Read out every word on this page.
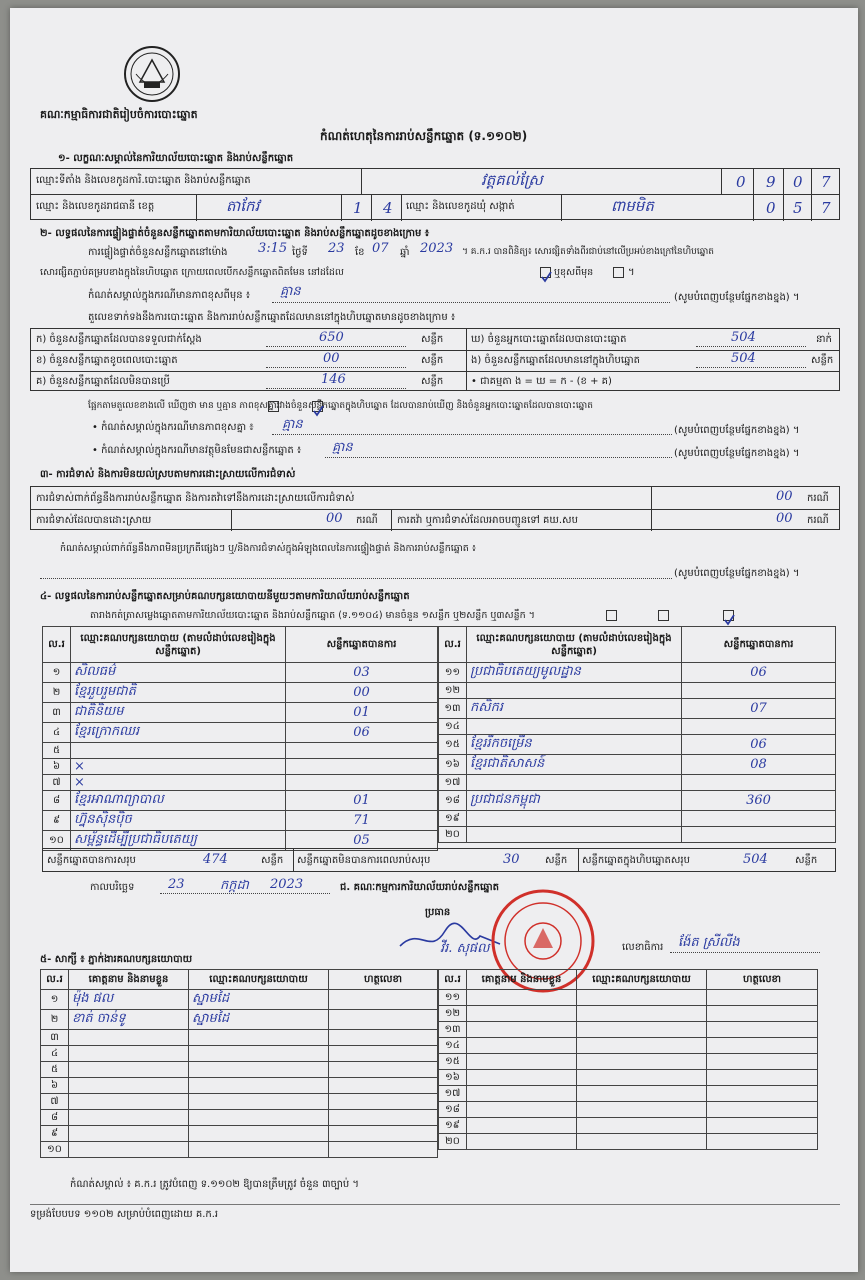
គណៈកម្មាធិការជាតិរៀបចំការបោះឆ្នោត
កំណត់ហេតុនៃការរាប់សន្លឹកឆ្នោត (ទ.១១០២)
១- លក្ខណៈសម្គាល់នៃការិយាល័យបោះឆ្នោត និងរាប់សន្លឹកឆ្នោត
ឈ្មោះទីតាំង និងលេខកូដការិ.បោះឆ្នោត និងរាប់សន្លឹកឆ្នោត	វត្តគល់ស្រែ	0 9 0 7
ឈ្មោះ និងលេខកូដរាជធានី ខេត្ត	តាកែវ	1 4 ឈ្មោះ និងលេខកូដឃុំ សង្កាត់	ពាមមិត	0 5 7
២- លទ្ធផលនៃការផ្ទៀងផ្ទាត់ចំនួនសន្លឹកឆ្នោតតាមការិយាល័យបោះឆ្នោត និងរាប់សន្លឹកឆ្នោតដូចខាងក្រោម ៖
ការផ្ទៀងផ្ទាត់ចំនួនសន្លឹកឆ្នោតនៅម៉ោង 3:15 ថ្ងៃទី 23 ខែ 07 ឆ្នាំ 2023 ។ គ.ក.រ បានពិនិត្យ៖ សោរផ្សិតទាំងពីរជាប់នៅលើប្រអប់ខាងក្រៅនៃហិបឆ្នោត
សោរផ្សិតភ្ជាប់គម្របខាងក្នុងនៃហិបឆ្នោត ក្រោយពេលបើកសន្លឹកឆ្នោតពិតមែន នៅដដែល	ឬខុសពីមុន	។
កំណត់សម្គាល់ក្នុងករណីមានភាពខុសពីមុន ៖ គ្មាន	(សូមបំពេញបន្ថែមផ្នែកខាងខ្នង) ។
តួលេខទាក់ទងនឹងការបោះឆ្នោត និងការរាប់សន្លឹកឆ្នោតដែលមាននៅក្នុងហិបឆ្នោតមានដូចខាងក្រោម ៖
ក) ចំនួនសន្លឹកឆ្នោតដែលបានទទួលជាក់ស្តែង	650	សន្លឹក
ខ) ចំនួនសន្លឹកឆ្នោតខូចពេលបោះឆ្នោត	00	សន្លឹក
គ) ចំនួនសន្លឹកឆ្នោតដែលមិនបានប្រើ	146	សន្លឹក
ឃ) ចំនួនអ្នកបោះឆ្នោតដែលបានបោះឆ្នោត	504	នាក់
ង) ចំនួនសន្លឹកឆ្នោតដែលមាននៅក្នុងហិបឆ្នោត	504	សន្លឹក
• ជាគម្មតា ង = ឃ = ក - (ខ + គ)
ផ្អែកតាមតួលេខខាងលើ ឃើញថា មាន ឬគ្មាន ភាពខុសគ្នារវាងចំនួនសន្លឹកឆ្នោតក្នុងហិបឆ្នោត ដែលបានរាប់ឃើញ និងចំនួនអ្នកបោះឆ្នោតដែលបានបោះឆ្នោត
• កំណត់សម្គាល់ក្នុងករណីមានភាពខុសគ្នា ៖ គ្មាន	(សូមបំពេញបន្ថែមផ្នែកខាងខ្នង) ។
• កំណត់សម្គាល់ក្នុងករណីមានវត្ថុមិនមែនជាសន្លឹកឆ្នោត ៖ គ្មាន	(សូមបំពេញបន្ថែមផ្នែកខាងខ្នង) ។
៣- ការជំទាស់ និងការមិនយល់ស្របតាមការដោះស្រាយលើការជំទាស់
ការជំទាស់ពាក់ព័ន្ធនឹងការរាប់សន្លឹកឆ្នោត និងការតវ៉ាទៅនឹងការដោះស្រាយលើការជំទាស់	00 ករណី
ការជំទាស់ដែលបានដោះស្រាយ	00 ករណី ការតវ៉ា ឬការជំទាស់ដែលអាចបញ្ជូនទៅ គឃ.សប	00 ករណី
កំណត់សម្គាល់ពាក់ព័ន្ធនឹងភាពមិនប្រក្រតីផ្សេងៗ ឬ/និងការជំទាស់ក្នុងអំឡុងពេលនៃការផ្ទៀងផ្ទាត់ និងការរាប់សន្លឹកឆ្នោត ៖
(សូមបំពេញបន្ថែមផ្នែកខាងខ្នង) ។
៤- លទ្ធផលនៃការរាប់សន្លឹកឆ្នោតសម្រាប់គណបក្សនយោបាយនីមួយៗតាមការិយាល័យរាប់សន្លឹកឆ្នោត
តារាងកត់ត្រាសម្លេងឆ្នោតតាមការិយាល័យបោះឆ្នោត និងរាប់សន្លឹកឆ្នោត (ទ.១១០៤) មានចំនួន ១សន្លឹក ឬ២សន្លឹក ឬ៣សន្លឹក ។
ល.រ	ឈ្មោះគណបក្សនយោបាយ (តាមលំដាប់លេខរៀងក្នុងសន្លឹកឆ្នោត)	សន្លឹកឆ្នោតបានការ
១	សិលធម៌	03
២	ខ្មែររួបរួមជាតិ	00
៣	ជាតិនិយម	01
៤	ខ្មែរក្រោកឈរ	06
៥		
៦	×	
៧	×	
៨	ខ្មែរអាណាព្យាបាល	01
៩	ហ្វ៊ុនស៊ិនប៉ិច	71
១០	សម្ព័ន្ធដើម្បីប្រជាធិបតេយ្យ	05
ល.រ	ឈ្មោះគណបក្សនយោបាយ (តាមលំដាប់លេខរៀងក្នុងសន្លឹកឆ្នោត)	សន្លឹកឆ្នោតបានការ
១១	ប្រជាធិបតេយ្យមូលដ្ឋាន	06
១២		
១៣	កសិករ	07
១៤		
១៥	ខ្មែររីកចម្រើន	06
១៦	ខ្មែរជាតិសាសន៍	08
១៧		
១៨	ប្រជាជនកម្ពុជា	360
១៩		
២០		
សន្លឹកឆ្នោតបានការសរុប	474	សន្លឹក សន្លឹកឆ្នោតមិនបានការពេលរាប់សរុប	30	សន្លឹក សន្លឹកឆ្នោតក្នុងហិបឆ្នោតសរុប	504	សន្លឹក
កាលបរិច្ឆេទ	23	កក្កដា 2023	ជ. គណៈកម្មការការិយាល័យរាប់សន្លឹកឆ្នោត
ប្រធាន
វីរ. សុផល	លេខាធិការ ង៉ែត ស្រីលីង
៥- សាក្សី ៖ ភ្នាក់ងារគណបក្សនយោបាយ
ល.រ	គោត្តនាម និងនាមខ្លួន	ឈ្មោះគណបក្សនយោបាយ	ហត្ថលេខា
១	ម៉ុង ផល	ស្នាមដៃ	
២	ខាត់ ចាន់ទូ	ស្នាមដៃ	
៣			
៤			
៥			
៦			
៧			
៨			
៩			
១០			
ល.រ	គោត្តនាម និងនាមខ្លួន	ឈ្មោះគណបក្សនយោបាយ	ហត្ថលេខា
១១			
១២			
១៣			
១៤			
១៥			
១៦			
១៧			
១៨			
១៩			
២០			
កំណត់សម្គាល់ ៖ គ.ក.រ ត្រូវបំពេញ ទ.១១០២ ឱ្យបានត្រឹមត្រូវ ចំនួន ៣ច្បាប់ ។
ទម្រង់បែបបទ ១១០២ សម្រាប់បំពេញដោយ គ.ក.រ
